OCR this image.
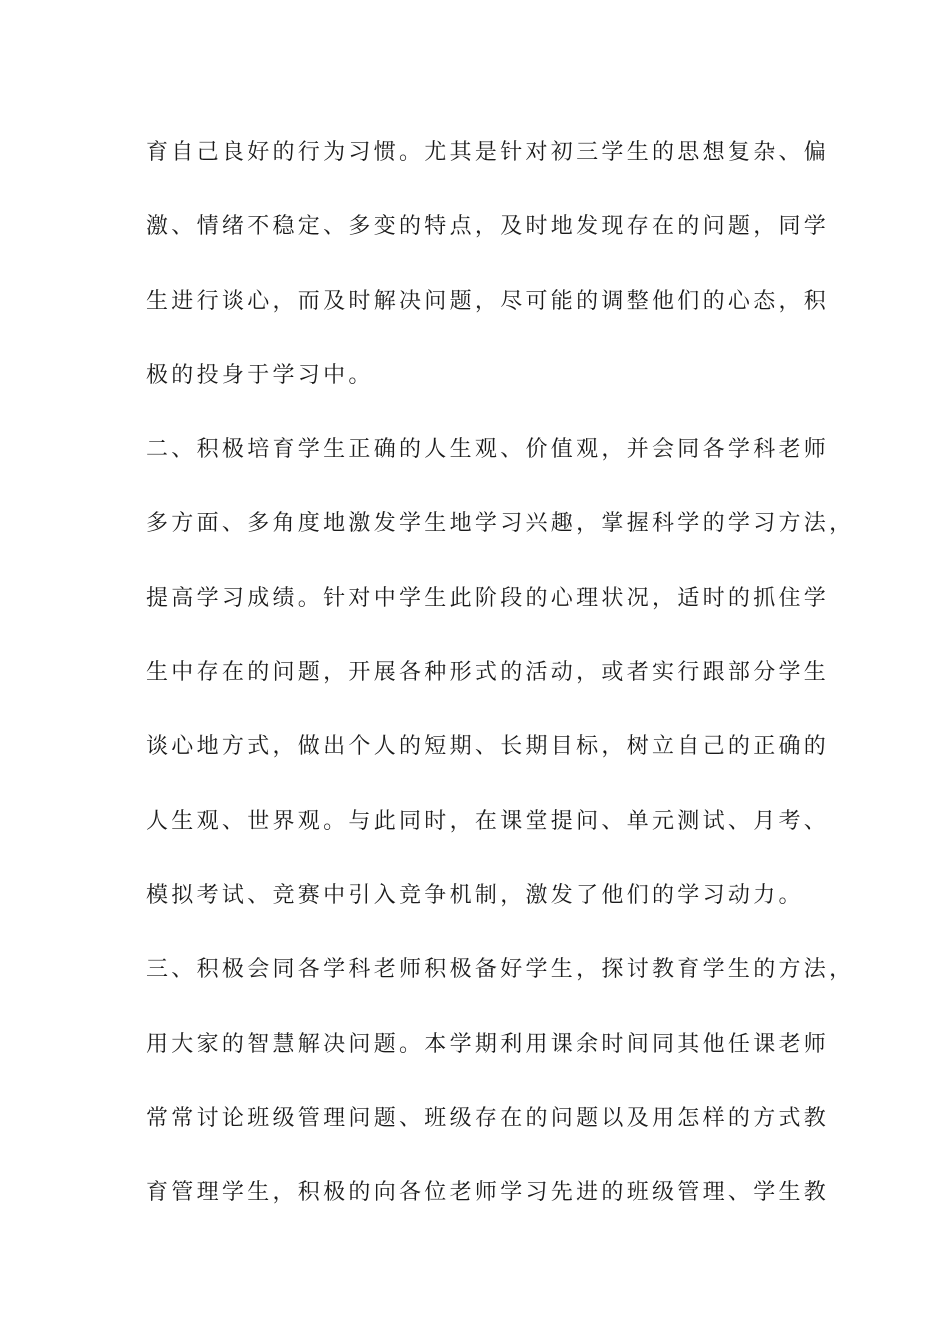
育自己良好的行为习惯。尤其是针对初三学生的思想复杂、偏
激、情绪不稳定、多变的特点，及时地发现存在的问题，同学
生进行谈心，而及时解决问题，尽可能的调整他们的心态，积
极的投身于学习中。
二、积极培育学生正确的人生观、价值观，并会同各学科老师
多方面、多角度地激发学生地学习兴趣，掌握科学的学习方法，
提高学习成绩。针对中学生此阶段的心理状况，适时的抓住学
生中存在的问题，开展各种形式的活动，或者实行跟部分学生
谈心地方式，做出个人的短期、长期目标，树立自己的正确的
人生观、世界观。与此同时，在课堂提问、单元测试、月考、
模拟考试、竞赛中引入竞争机制，激发了他们的学习动力。
三、积极会同各学科老师积极备好学生，探讨教育学生的方法，
用大家的智慧解决问题。本学期利用课余时间同其他任课老师
常常讨论班级管理问题、班级存在的问题以及用怎样的方式教
育管理学生，积极的向各位老师学习先进的班级管理、学生教
